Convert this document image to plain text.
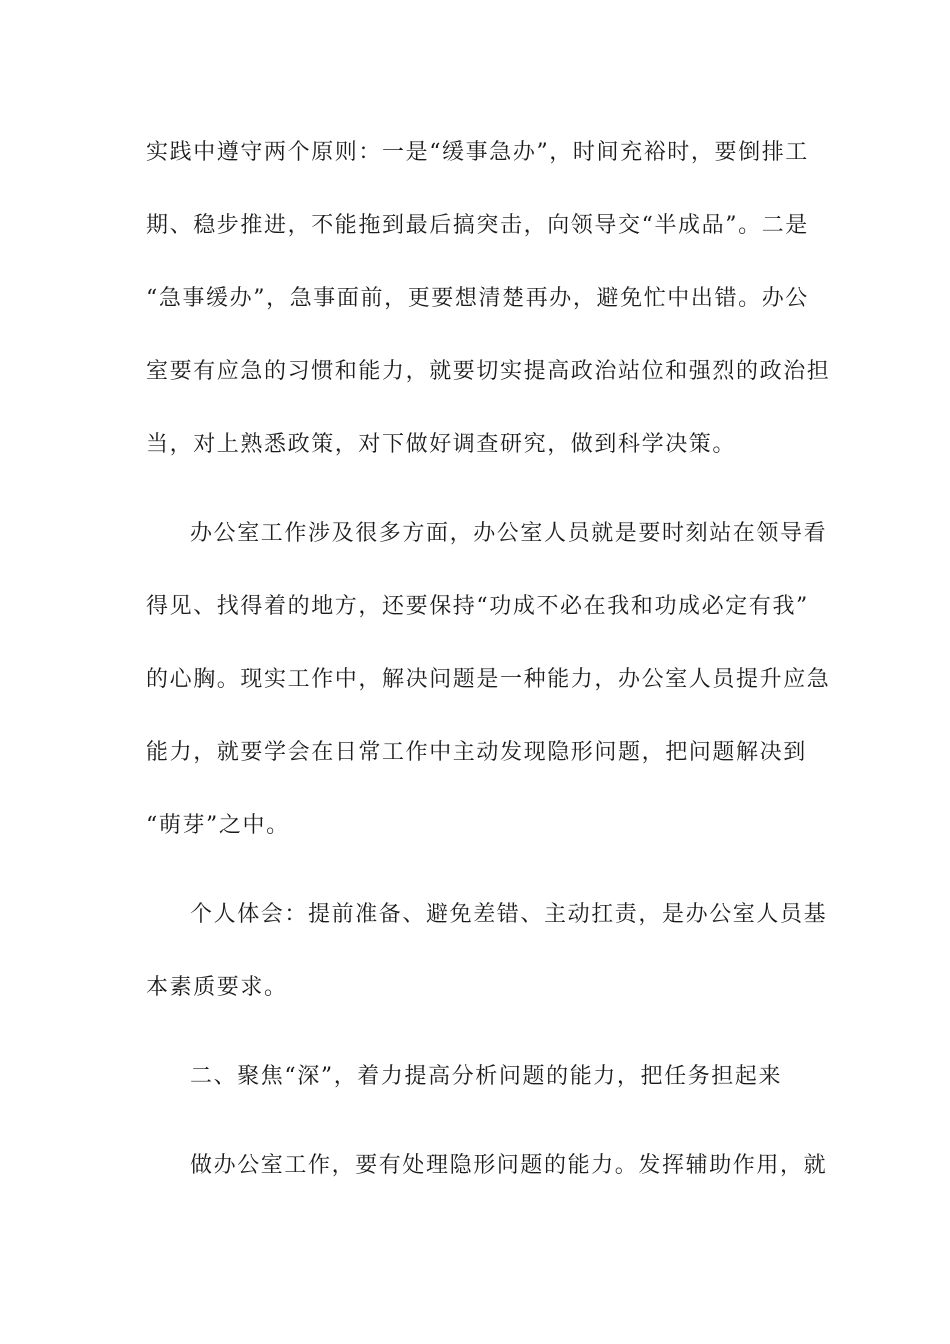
实践中遵守两个原则：一是“缓事急办”，时间充裕时，要倒排工
期、稳步推进，不能拖到最后搞突击，向领导交“半成品”。二是
“急事缓办”，急事面前，更要想清楚再办，避免忙中出错。办公
室要有应急的习惯和能力，就要切实提高政治站位和强烈的政治担
当，对上熟悉政策，对下做好调查研究，做到科学决策。
办公室工作涉及很多方面，办公室人员就是要时刻站在领导看
得见、找得着的地方，还要保持“功成不必在我和功成必定有我”
的心胸。现实工作中，解决问题是一种能力，办公室人员提升应急
能力，就要学会在日常工作中主动发现隐形问题，把问题解决到
“萌芽”之中。
个人体会：提前准备、避免差错、主动扛责，是办公室人员基
本素质要求。
二、聚焦“深”，着力提高分析问题的能力，把任务担起来
做办公室工作，要有处理隐形问题的能力。发挥辅助作用，就
